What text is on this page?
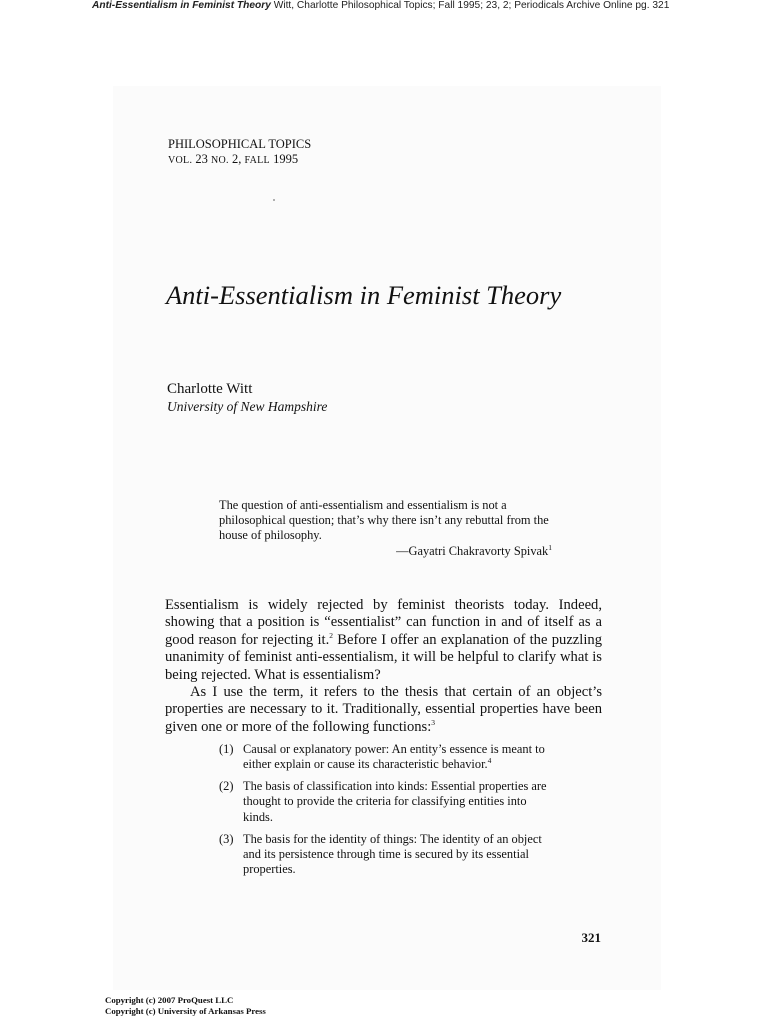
Anti-Essentialism in Feminist Theory Witt, Charlotte Philosophical Topics; Fall 1995; 23, 2; Periodicals Archive Online pg. 321
PHILOSOPHICAL TOPICS
VOL. 23 NO. 2, FALL 1995
Anti-Essentialism in Feminist Theory
Charlotte Witt
University of New Hampshire
The question of anti-essentialism and essentialism is not a philosophical question; that’s why there isn’t any rebuttal from the house of philosophy.
—Gayatri Chakravorty Spivak$^1$

Essentialism is widely rejected by feminist theorists today. Indeed, showing that a position is “essentialist” can function in and of itself as a good reason for rejecting it.$^2$ Before I offer an explanation of the puzzling unanimity of feminist anti-essentialism, it will be helpful to clarify what is being rejected. What is essentialism?

As I use the term, it refers to the thesis that certain of an object’s properties are necessary to it. Traditionally, essential properties have been given one or more of the following functions:$^3$

(1) Causal or explanatory power: An entity’s essence is meant to either explain or cause its characteristic behavior.$^4$
(2) The basis of classification into kinds: Essential properties are thought to provide the criteria for classifying entities into kinds.
(3) The basis for the identity of things: The identity of an object and its persistence through time is secured by its essential properties.
321
Copyright (c) 2007 ProQuest LLC
Copyright (c) University of Arkansas Press
